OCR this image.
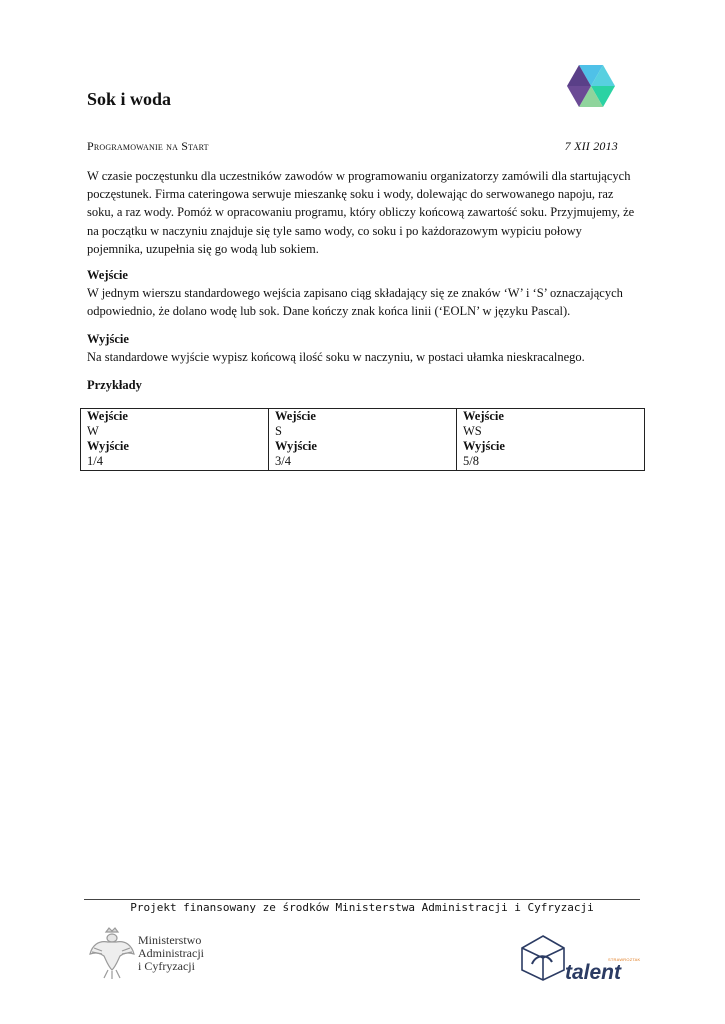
Sok i woda
Programowanie na Start	7 XII 2013
W czasie poczęstunku dla uczestników zawodów w programowaniu organizatorzy zamówili dla startujących poczęstunek. Firma cateringowa serwuje mieszankę soku i wody, dolewając do serwowanego napoju, raz soku, a raz wody. Pomóż w opracowaniu programu, który obliczy końcową zawartość soku. Przyjmujemy, że na początku w naczyniu znajduje się tyle samo wody, co soku i po każdorazowym wypiciu połowy pojemnika, uzupełnia się go wodą lub sokiem.
Wejście
W jednym wierszu standardowego wejścia zapisano ciąg składający się ze znaków ‘W’ i ‘S’ oznaczających odpowiednio, że dolano wodę lub sok. Dane kończy znak końca linii (‘EOLN’ w języku Pascal).
Wyjście
Na standardowe wyjście wypisz końcową ilość soku w naczyniu, w postaci ułamka nieskracalnego.
Przykłady
Wejście
W
Wyjście
1/4

Wejście
S
Wyjście
3/4

Wejście
WS
Wyjście
5/8
Projekt finansowany ze środków Ministerstwa Administracji i Cyfryzacji
Ministerstwo
Administracji
i Cyfryzacji	STRAWROZTAK
talent
